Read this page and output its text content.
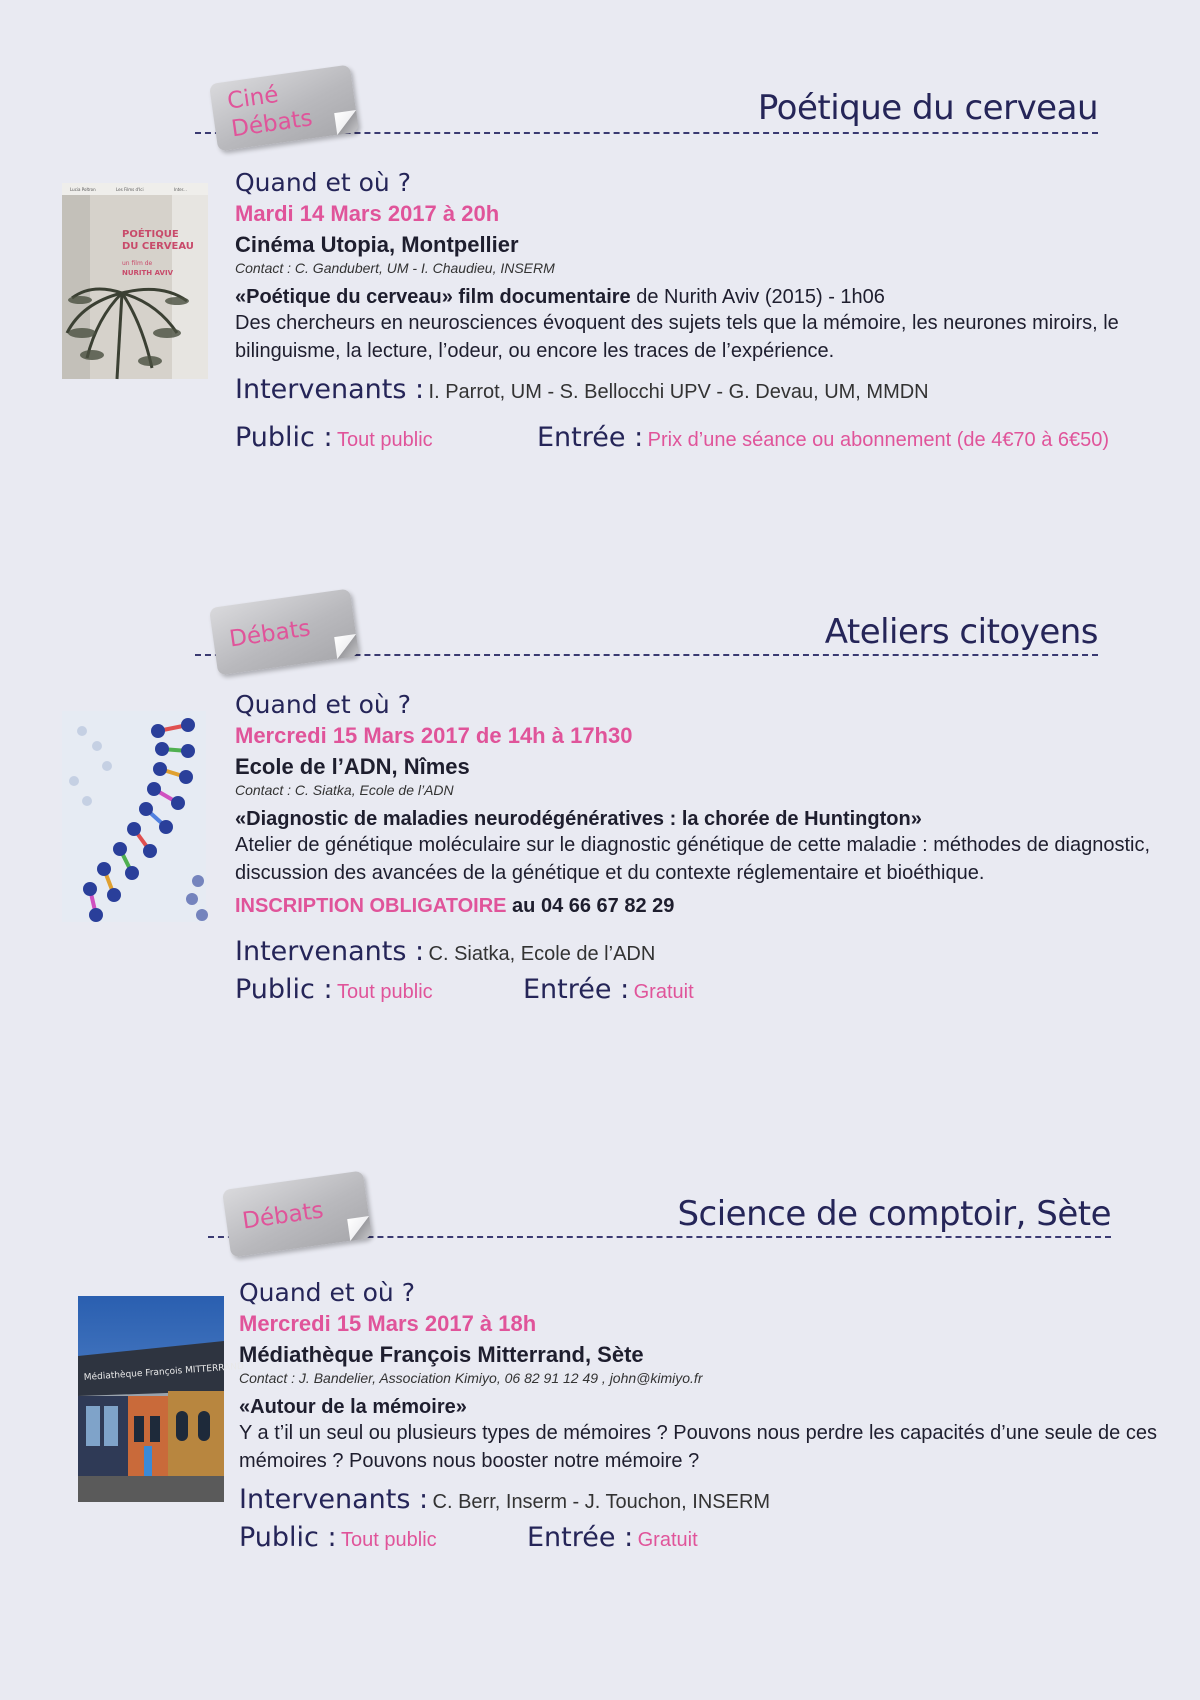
Ciné
Débats	Poétique du cerveau
Lucia Poltron	Les Films d'Ici	Inter...
POÉTIQUE
DU CERVEAU
un film de
NURITH AVIV
Quand et où ?
Mardi 14 Mars 2017 à 20h
Cinéma Utopia, Montpellier
Contact : C. Gandubert, UM - I. Chaudieu, INSERM
«Poétique du cerveau» film documentaire de Nurith Aviv (2015) - 1h06
Des chercheurs en neurosciences évoquent des sujets tels que la mémoire, les neurones miroirs, le bilinguisme, la lecture, l’odeur, ou encore les traces de l’expérience.
Intervenants : I. Parrot, UM - S. Bellocchi UPV - G. Devau, UM, MMDN
Public : Tout public	Entrée : Prix d’une séance ou abonnement (de 4€70 à 6€50)
Débats	Ateliers citoyens
Quand et où ?
Mercredi 15 Mars 2017 de 14h à 17h30
Ecole de l’ADN, Nîmes
Contact : C. Siatka, Ecole de l’ADN
«Diagnostic de maladies neurodégénératives : la chorée de Huntington»
Atelier de génétique moléculaire sur le diagnostic génétique de cette maladie : méthodes de diagnostic, discussion des avancées de la génétique et du contexte réglementaire et bioéthique.
INSCRIPTION OBLIGATOIRE au 04 66 67 82 29
Intervenants : C. Siatka, Ecole de l’ADN
Public : Tout public	Entrée : Gratuit
Débats	Science de comptoir, Sète
Médiathèque François MITTERRAND
Quand et où ?
Mercredi 15 Mars 2017 à 18h
Médiathèque François Mitterrand, Sète
Contact : J. Bandelier, Association Kimiyo, 06 82 91 12 49 , john@kimiyo.fr
«Autour de la mémoire»
Y a t’il un seul ou plusieurs types de mémoires ? Pouvons nous perdre les capacités d’une seule de ces mémoires ? Pouvons nous booster notre mémoire ?
Intervenants : C. Berr, Inserm - J. Touchon, INSERM
Public : Tout public	Entrée : Gratuit
